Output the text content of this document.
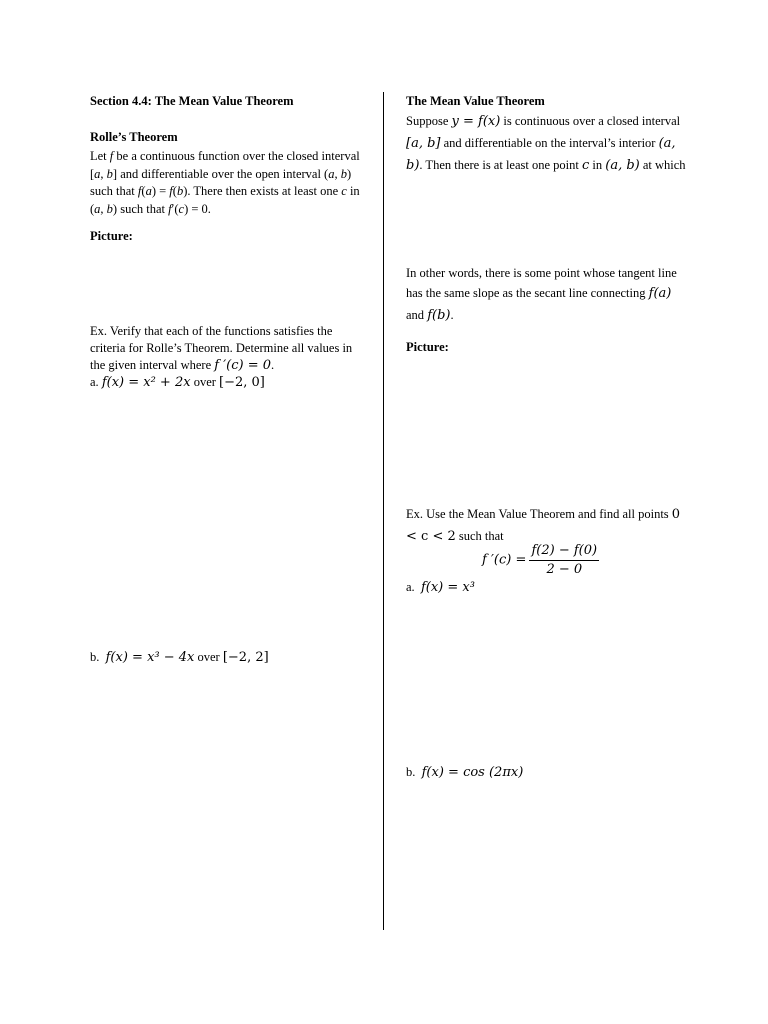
Section 4.4: The Mean Value Theorem

Rolle’s Theorem

Let f be a continuous function over the closed interval [a, b] and differentiable over the open interval (a, b) such that f(a) = f(b). There then exists at least one c in (a, b) such that f′(c) = 0.

Picture:

Ex. Verify that each of the functions satisfies the criteria for Rolle’s Theorem. Determine all values in the given interval where f ′(c) = 0.
a. f(x) = x² + 2x over [−2, 0]

b. f(x) = x³ − 4x over [−2, 2]

The Mean Value Theorem

Suppose y = f(x) is continuous over a closed interval [a, b] and differentiable on the interval’s interior (a, b). Then there is at least one point c in (a, b) at which

In other words, there is some point whose tangent line has the same slope as the secant line connecting f(a) and f(b).

Picture:

Ex. Use the Mean Value Theorem and find all points 0 < c < 2 such that

f $'(c) = \frac{f(2) - f(0)}{2 - 0}$

a. f(x) = x³

b. f(x) = cos (2πx)
